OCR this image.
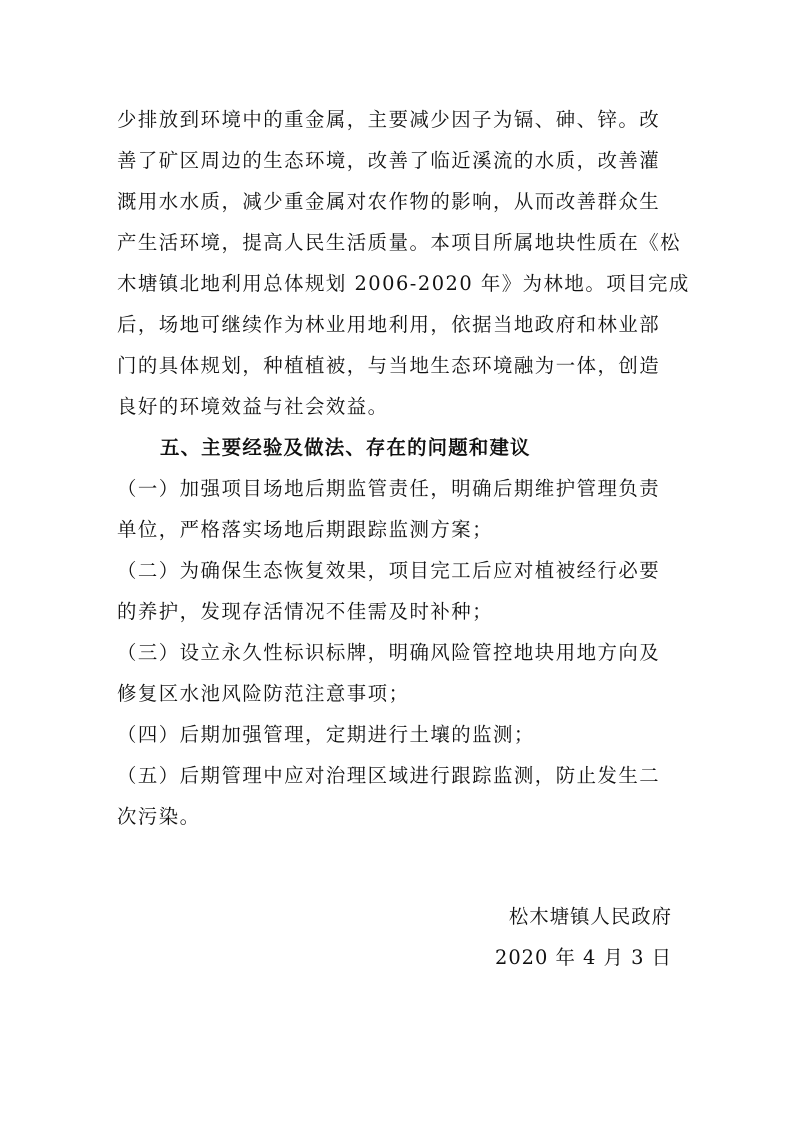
少排放到环境中的重金属，主要减少因子为镉、砷、锌。改
善了矿区周边的生态环境，改善了临近溪流的水质，改善灌
溉用水水质，减少重金属对农作物的影响，从而改善群众生
产生活环境，提高人民生活质量。本项目所属地块性质在《松
木塘镇北地利用总体规划 2006-2020 年》为林地。项目完成
后，场地可继续作为林业用地利用，依据当地政府和林业部
门的具体规划，种植植被，与当地生态环境融为一体，创造
良好的环境效益与社会效益。
五、主要经验及做法、存在的问题和建议
（一）加强项目场地后期监管责任，明确后期维护管理负责
单位，严格落实场地后期跟踪监测方案；
（二）为确保生态恢复效果，项目完工后应对植被经行必要
的养护，发现存活情况不佳需及时补种；
（三）设立永久性标识标牌，明确风险管控地块用地方向及
修复区水池风险防范注意事项；
（四）后期加强管理，定期进行土壤的监测；
（五）后期管理中应对治理区域进行跟踪监测，防止发生二
次污染。
松木塘镇人民政府
2020 年 4 月 3 日
